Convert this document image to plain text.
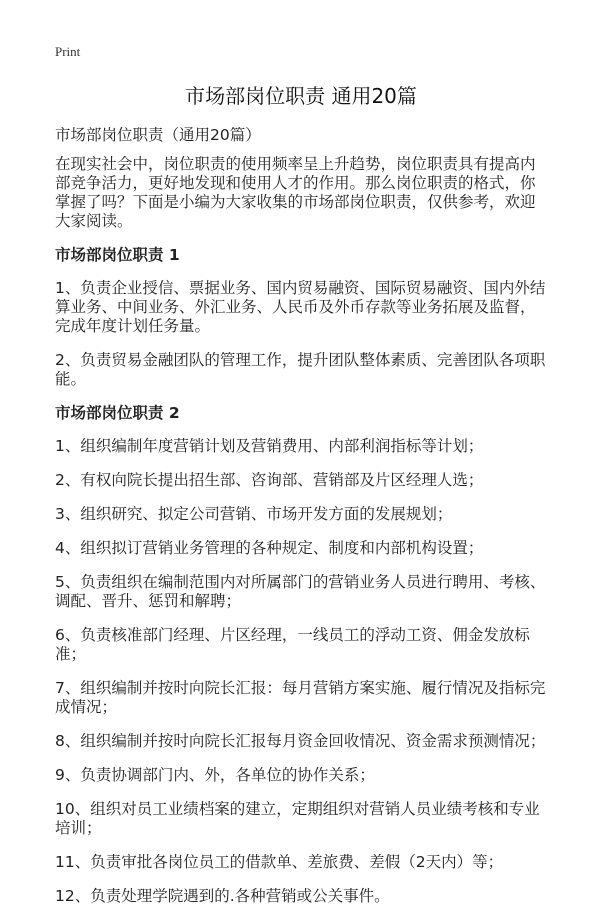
Print
市场部岗位职责 通用20篇

市场部岗位职责（通用20篇）

在现实社会中，岗位职责的使用频率呈上升趋势，岗位职责具有提高内部竞争活力，更好地发现和使用人才的作用。那么岗位职责的格式，你掌握了吗？下面是小编为大家收集的市场部岗位职责，仅供参考，欢迎大家阅读。

市场部岗位职责 1

1、负责企业授信、票据业务、国内贸易融资、国际贸易融资、国内外结算业务、中间业务、外汇业务、人民币及外币存款等业务拓展及监督，完成年度计划任务量。

2、负责贸易金融团队的管理工作，提升团队整体素质、完善团队各项职能。

市场部岗位职责 2

1、组织编制年度营销计划及营销费用、内部利润指标等计划；

2、有权向院长提出招生部、咨询部、营销部及片区经理人选；

3、组织研究、拟定公司营销、市场开发方面的发展规划；

4、组织拟订营销业务管理的各种规定、制度和内部机构设置；

5、负责组织在编制范围内对所属部门的营销业务人员进行聘用、考核、调配、晋升、惩罚和解聘；

6、负责核准部门经理、片区经理，一线员工的浮动工资、佣金发放标准；

7、组织编制并按时向院长汇报：每月营销方案实施、履行情况及指标完成情况；

8、组织编制并按时向院长汇报每月资金回收情况、资金需求预测情况；

9、负责协调部门内、外，各单位的协作关系；

10、组织对员工业绩档案的建立，定期组织对营销人员业绩考核和专业培训；

11、负责审批各岗位员工的借款单、差旅费、差假（2天内）等；

12、负责处理学院遇到的.各种营销或公关事件。
